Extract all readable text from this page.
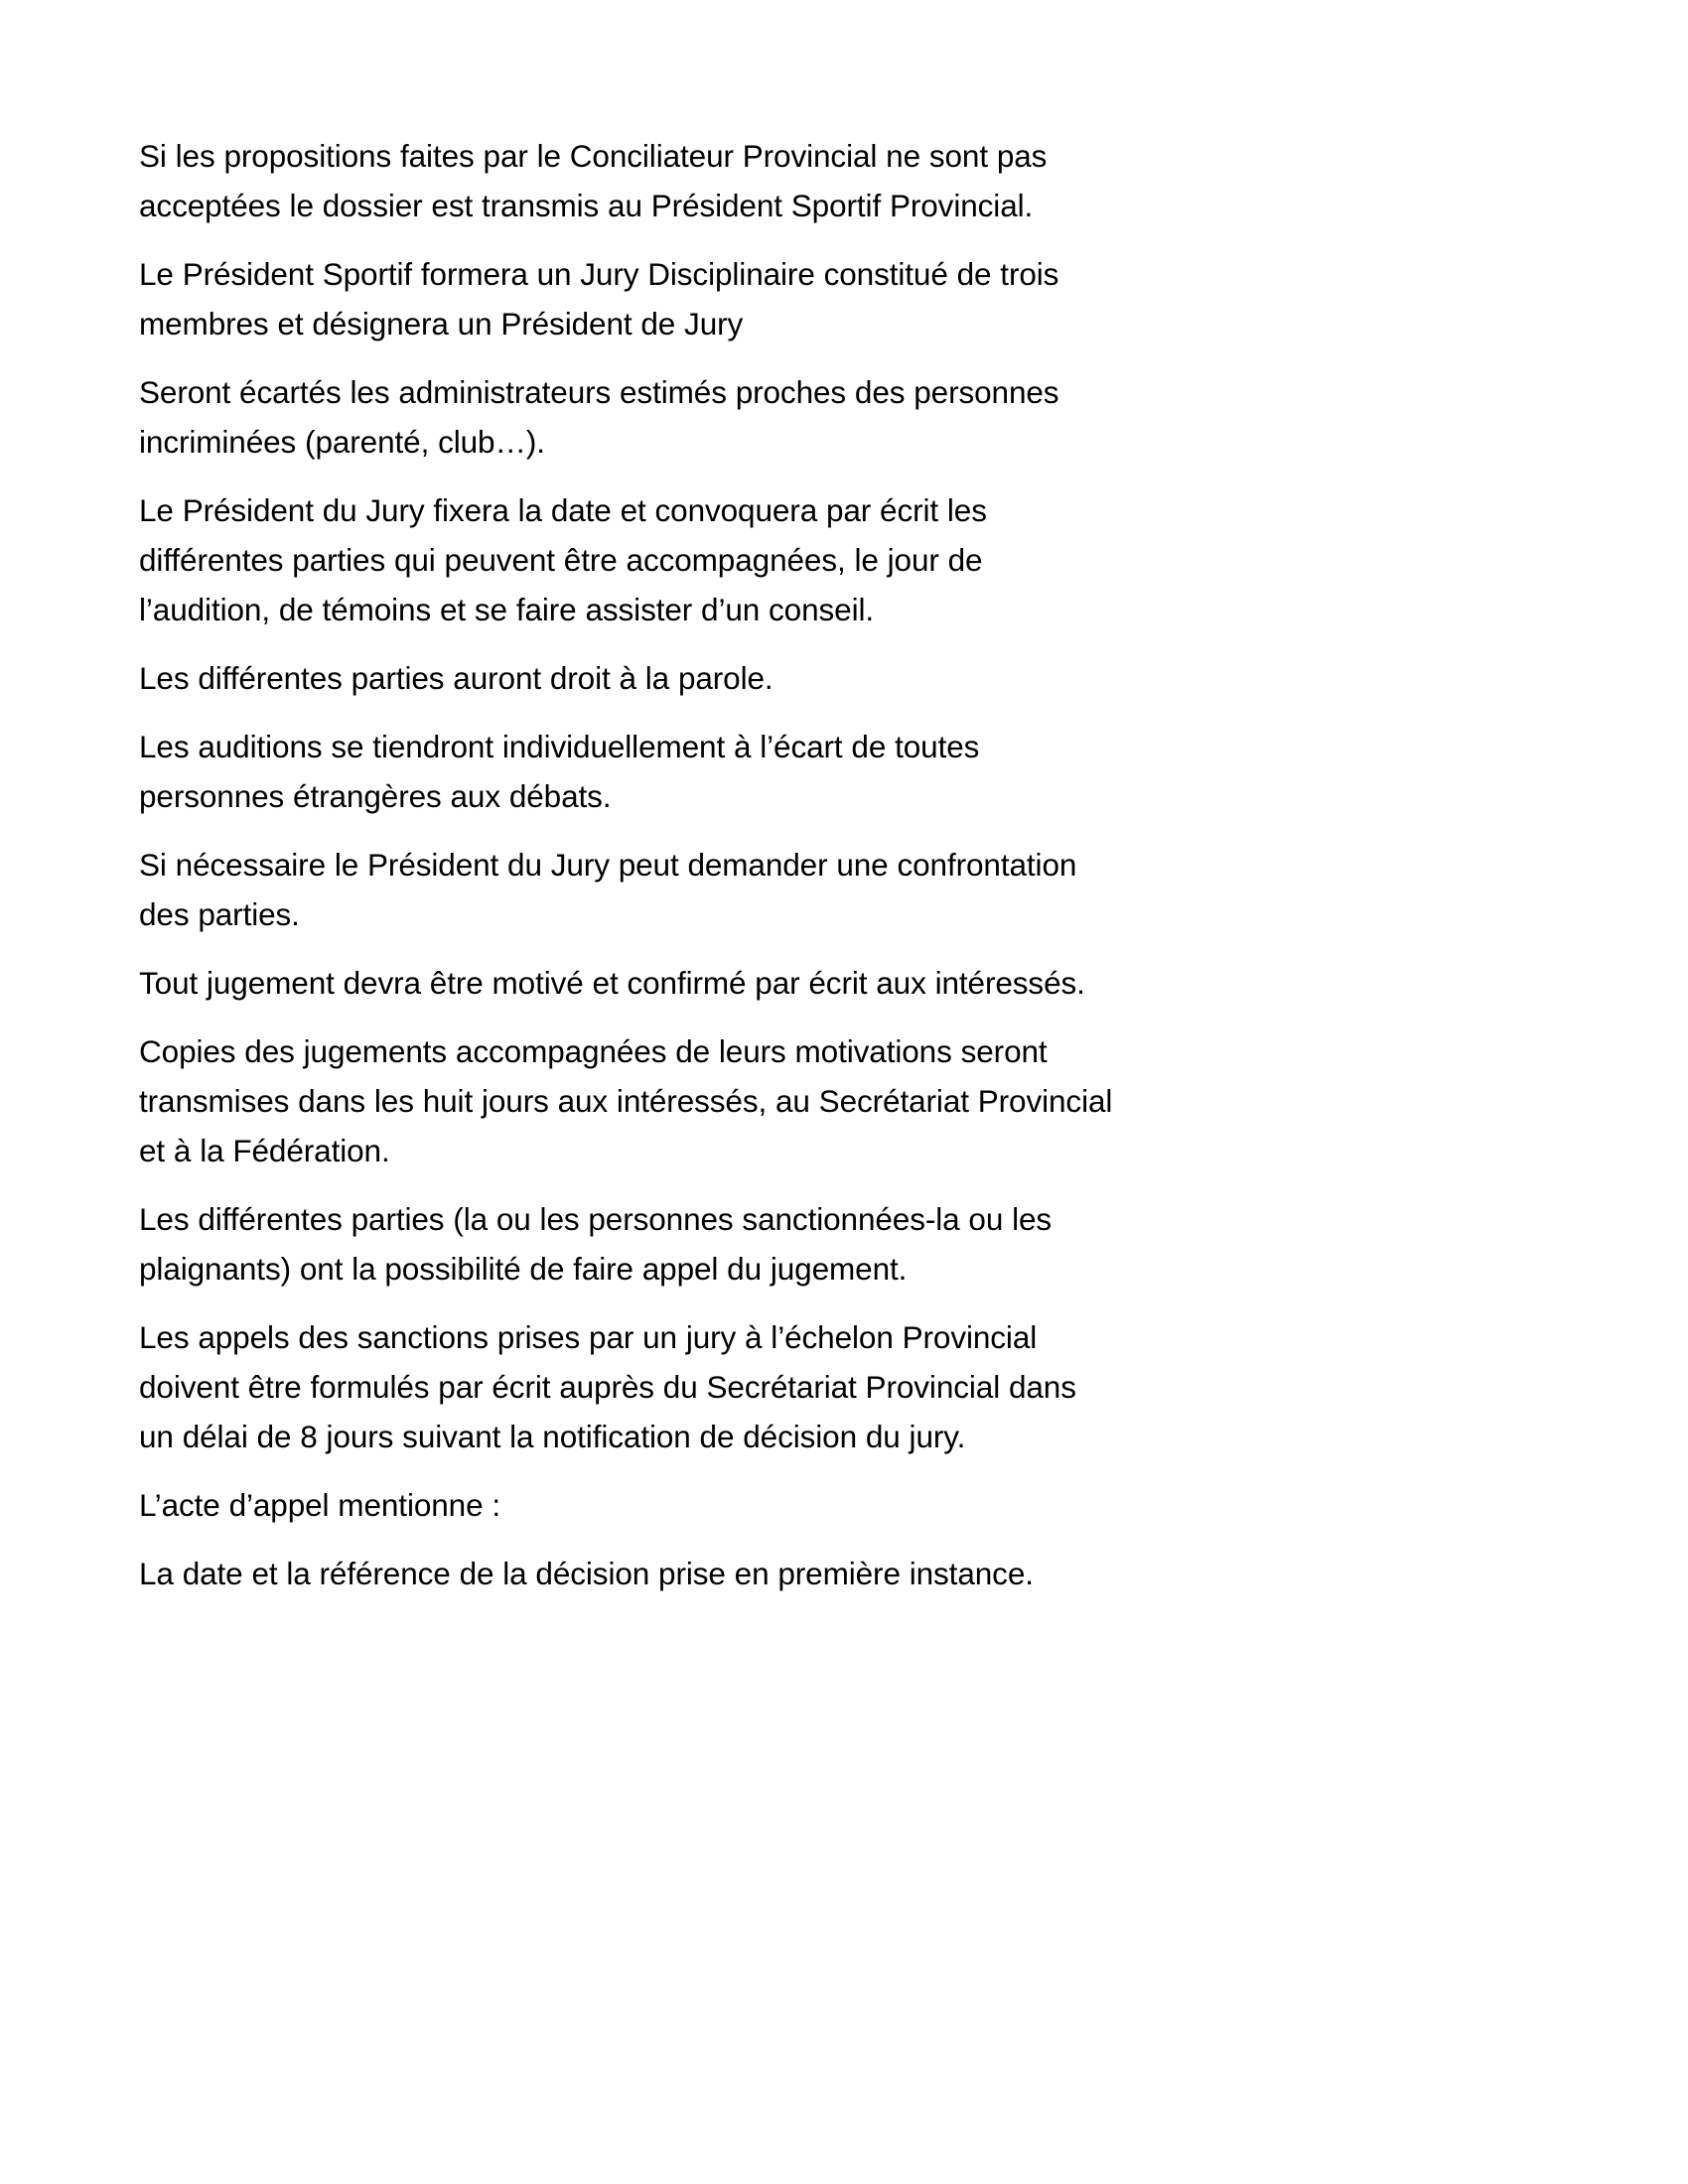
Si les propositions faites par le Conciliateur Provincial ne sont pas acceptées le dossier est transmis au Président Sportif Provincial.

Le Président Sportif formera un Jury Disciplinaire constitué de trois membres et désignera un Président de Jury

Seront écartés les administrateurs estimés proches des personnes incriminées (parenté, club…).

Le Président du Jury fixera la date et convoquera par écrit les différentes parties qui peuvent être accompagnées, le jour de l’audition, de témoins et se faire assister d’un conseil.

Les différentes parties auront droit à la parole.

Les auditions se tiendront individuellement à l’écart de toutes personnes étrangères aux débats.

Si nécessaire le Président du Jury peut demander une confrontation des parties.

Tout jugement devra être motivé et confirmé par écrit aux intéressés.

Copies des jugements accompagnées de leurs motivations seront transmises dans les huit jours aux intéressés, au Secrétariat Provincial et à la Fédération.

Les différentes parties (la ou les personnes sanctionnées-la ou les plaignants) ont la possibilité de faire appel du jugement.

Les appels des sanctions prises par un jury à l’échelon Provincial doivent être formulés par écrit auprès du Secrétariat Provincial dans un délai de 8 jours suivant la notification de décision du jury.

L’acte d’appel mentionne :

La date et la référence de la décision prise en première instance.
